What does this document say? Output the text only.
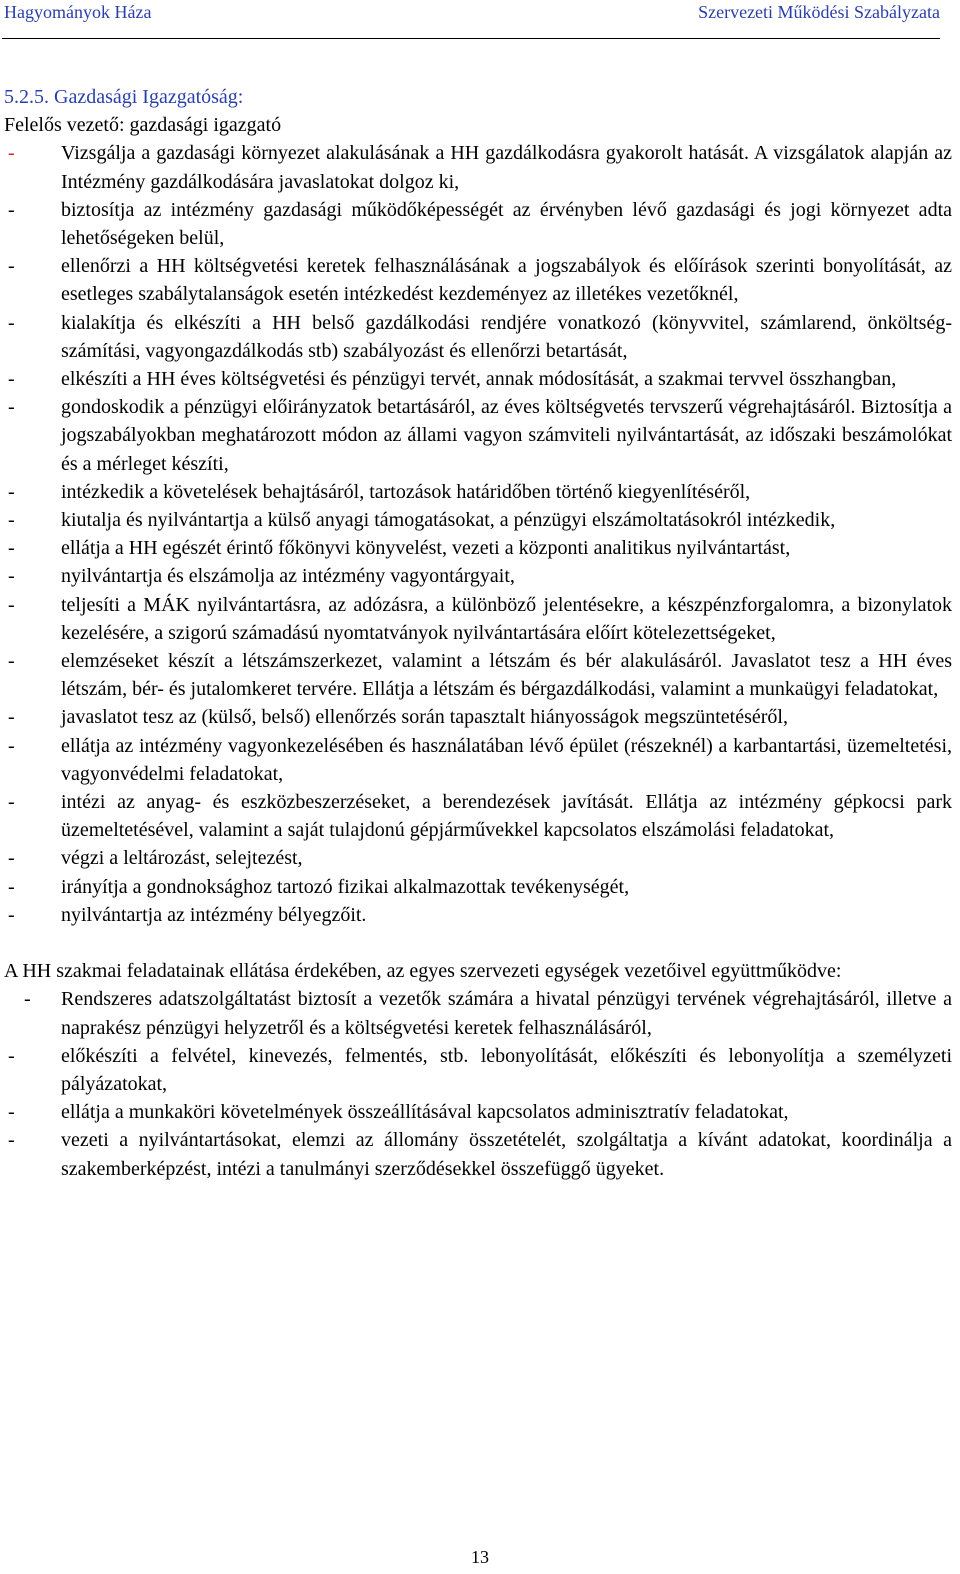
Hagyományok Háza	Szervezeti Működési Szabályzata
5.2.5. Gazdasági Igazgatóság:
Felelős vezető: gazdasági igazgató
- Vizsgálja a gazdasági környezet alakulásának a HH gazdálkodásra gyakorolt hatását. A vizsgálatok alapján az Intézmény gazdálkodására javaslatokat dolgoz ki,
- biztosítja az intézmény gazdasági működőképességét az érvényben lévő gazdasági és jogi környezet adta lehetőségeken belül,
- ellenőrzi a HH költségvetési keretek felhasználásának a jogszabályok és előírások szerinti bonyolítását, az esetleges szabálytalanságok esetén intézkedést kezdeményez az illetékes vezetőknél,
- kialakítja és elkészíti a HH belső gazdálkodási rendjére vonatkozó (könyvvitel, számlarend, önköltség-számítási, vagyongazdálkodás stb) szabályozást és ellenőrzi betartását,
- elkészíti a HH éves költségvetési és pénzügyi tervét, annak módosítását, a szakmai tervvel összhangban,
- gondoskodik a pénzügyi előirányzatok betartásáról, az éves költségvetés tervszerű végrehajtásáról. Biztosítja a jogszabályokban meghatározott módon az állami vagyon számviteli nyilvántartását, az időszaki beszámolókat és a mérleget készíti,
- intézkedik a követelések behajtásáról, tartozások határidőben történő kiegyenlítéséről,
- kiutalja és nyilvántartja a külső anyagi támogatásokat, a pénzügyi elszámoltatásokról intézkedik,
- ellátja a HH egészét érintő főkönyvi könyvelést, vezeti a központi analitikus nyilvántartást,
- nyilvántartja és elszámolja az intézmény vagyontárgyait,
- teljesíti a MÁK nyilvántartásra, az adózásra, a különböző jelentésekre, a készpénzforgalomra, a bizonylatok kezelésére, a szigorú számadású nyomtatványok nyilvántartására előírt kötelezettségeket,
- elemzéseket készít a létszámszerkezet, valamint a létszám és bér alakulásáról. Javaslatot tesz a HH éves létszám, bér- és jutalomkeret tervére. Ellátja a létszám és bérgazdálkodási, valamint a munkaügyi feladatokat,
- javaslatot tesz az (külső, belső) ellenőrzés során tapasztalt hiányosságok megszüntetéséről,
- ellátja az intézmény vagyonkezelésében és használatában lévő épület (részeknél) a karbantartási, üzemeltetési, vagyonvédelmi feladatokat,
- intézi az anyag- és eszközbeszerzéseket, a berendezések javítását. Ellátja az intézmény gépkocsi park üzemeltetésével, valamint a saját tulajdonú gépjárművekkel kapcsolatos elszámolási feladatokat,
- végzi a leltározást, selejtezést,
- irányítja a gondnoksághoz tartozó fizikai alkalmazottak tevékenységét,
- nyilvántartja az intézmény bélyegzőit.
A HH szakmai feladatainak ellátása érdekében, az egyes szervezeti egységek vezetőivel együttműködve:
- Rendszeres adatszolgáltatást biztosít a vezetők számára a hivatal pénzügyi tervének végrehajtásáról, illetve a naprakész pénzügyi helyzetről és a költségvetési keretek felhasználásáról,
- előkészíti a felvétel, kinevezés, felmentés, stb. lebonyolítását, előkészíti és lebonyolítja a személyzeti pályázatokat,
- ellátja a munkaköri követelmények összeállításával kapcsolatos adminisztratív feladatokat,
- vezeti a nyilvántartásokat, elemzi az állomány összetételét, szolgáltatja a kívánt adatokat, koordinálja a szakemberképzést, intézi a tanulmányi szerződésekkel összefüggő ügyeket.
13
